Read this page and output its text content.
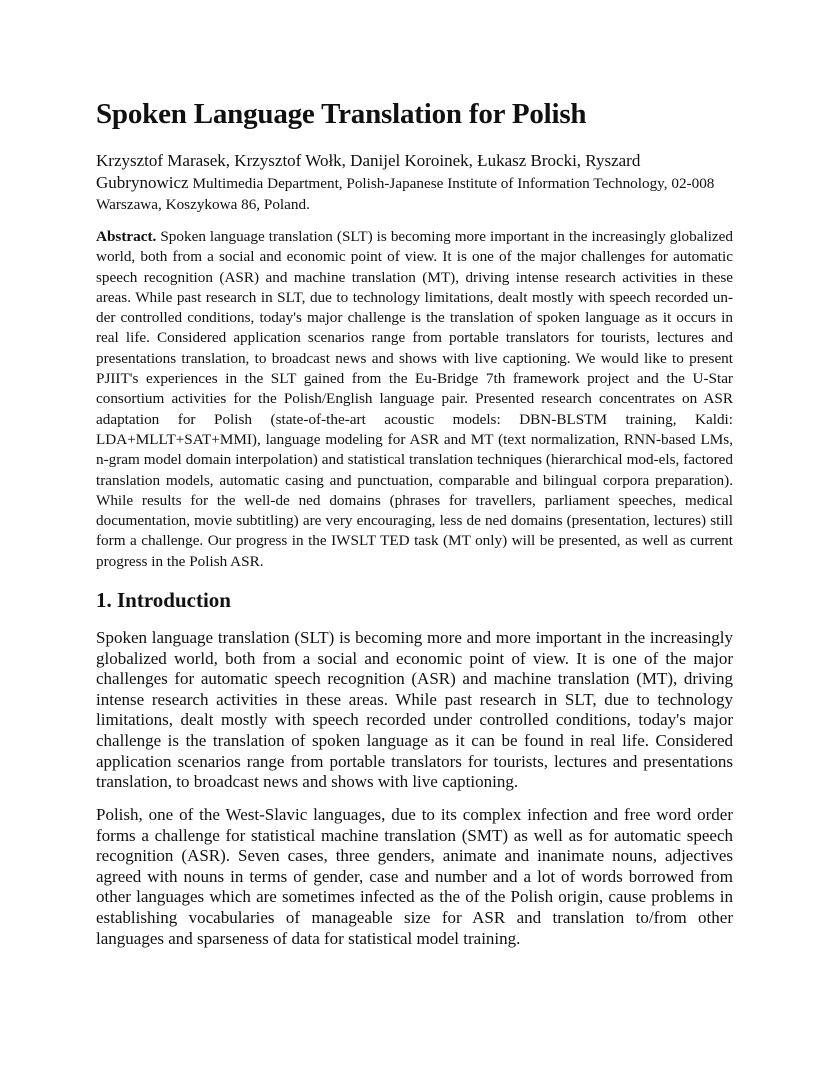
Spoken Language Translation for Polish

Krzysztof Marasek, Krzysztof Wołk, Danijel Koroinek, Łukasz Brocki, Ryszard Gubrynowicz Multimedia Department, Polish-Japanese Institute of Information Technology, 02-008 Warszawa, Koszykowa 86, Poland.

Abstract. Spoken language translation (SLT) is becoming more important in the increasingly globalized world, both from a social and economic point of view. It is one of the major challenges for automatic speech recognition (ASR) and machine translation (MT), driving intense research activities in these areas. While past research in SLT, due to technology limitations, dealt mostly with speech recorded un- der controlled conditions, today's major challenge is the translation of spoken language as it occurs in real life. Considered application scenarios range from portable translators for tourists, lectures and presentations translation, to broadcast news and shows with live captioning. We would like to present PJIIT's experiences in the SLT gained from the Eu-Bridge 7th framework project and the U-Star consortium activities for the Polish/English language pair. Presented research concentrates on ASR adaptation for Polish (state-of-the-art acoustic models: DBN-BLSTM training, Kaldi: LDA+MLLT+SAT+MMI), language modeling for ASR and MT (text normalization, RNN-based LMs, n-gram model domain interpolation) and statistical translation techniques (hierarchical mod-els, factored translation models, automatic casing and punctuation, comparable and bilingual corpora preparation). While results for the well-de ned domains (phrases for travellers, parliament speeches, medical documentation, movie subtitling) are very encouraging, less de ned domains (presentation, lectures) still form a challenge. Our progress in the IWSLT TED task (MT only) will be presented, as well as current progress in the Polish ASR.

1. Introduction

Spoken language translation (SLT) is becoming more and more important in the increasingly globalized world, both from a social and economic point of view. It is one of the major challenges for automatic speech recognition (ASR) and machine translation (MT), driving intense research activities in these areas. While past research in SLT, due to technology limitations, dealt mostly with speech recorded under controlled conditions, today's major challenge is the translation of spoken language as it can be found in real life. Considered application scenarios range from portable translators for tourists, lectures and presentations translation, to broadcast news and shows with live captioning.

Polish, one of the West-Slavic languages, due to its complex infection and free word order forms a challenge for statistical machine translation (SMT) as well as for automatic speech recognition (ASR). Seven cases, three genders, animate and inanimate nouns, adjectives agreed with nouns in terms of gender, case and number and a lot of words borrowed from other languages which are sometimes infected as the of the Polish origin, cause problems in establishing vocabularies of manageable size for ASR and translation to/from other languages and sparseness of data for statistical model training.
